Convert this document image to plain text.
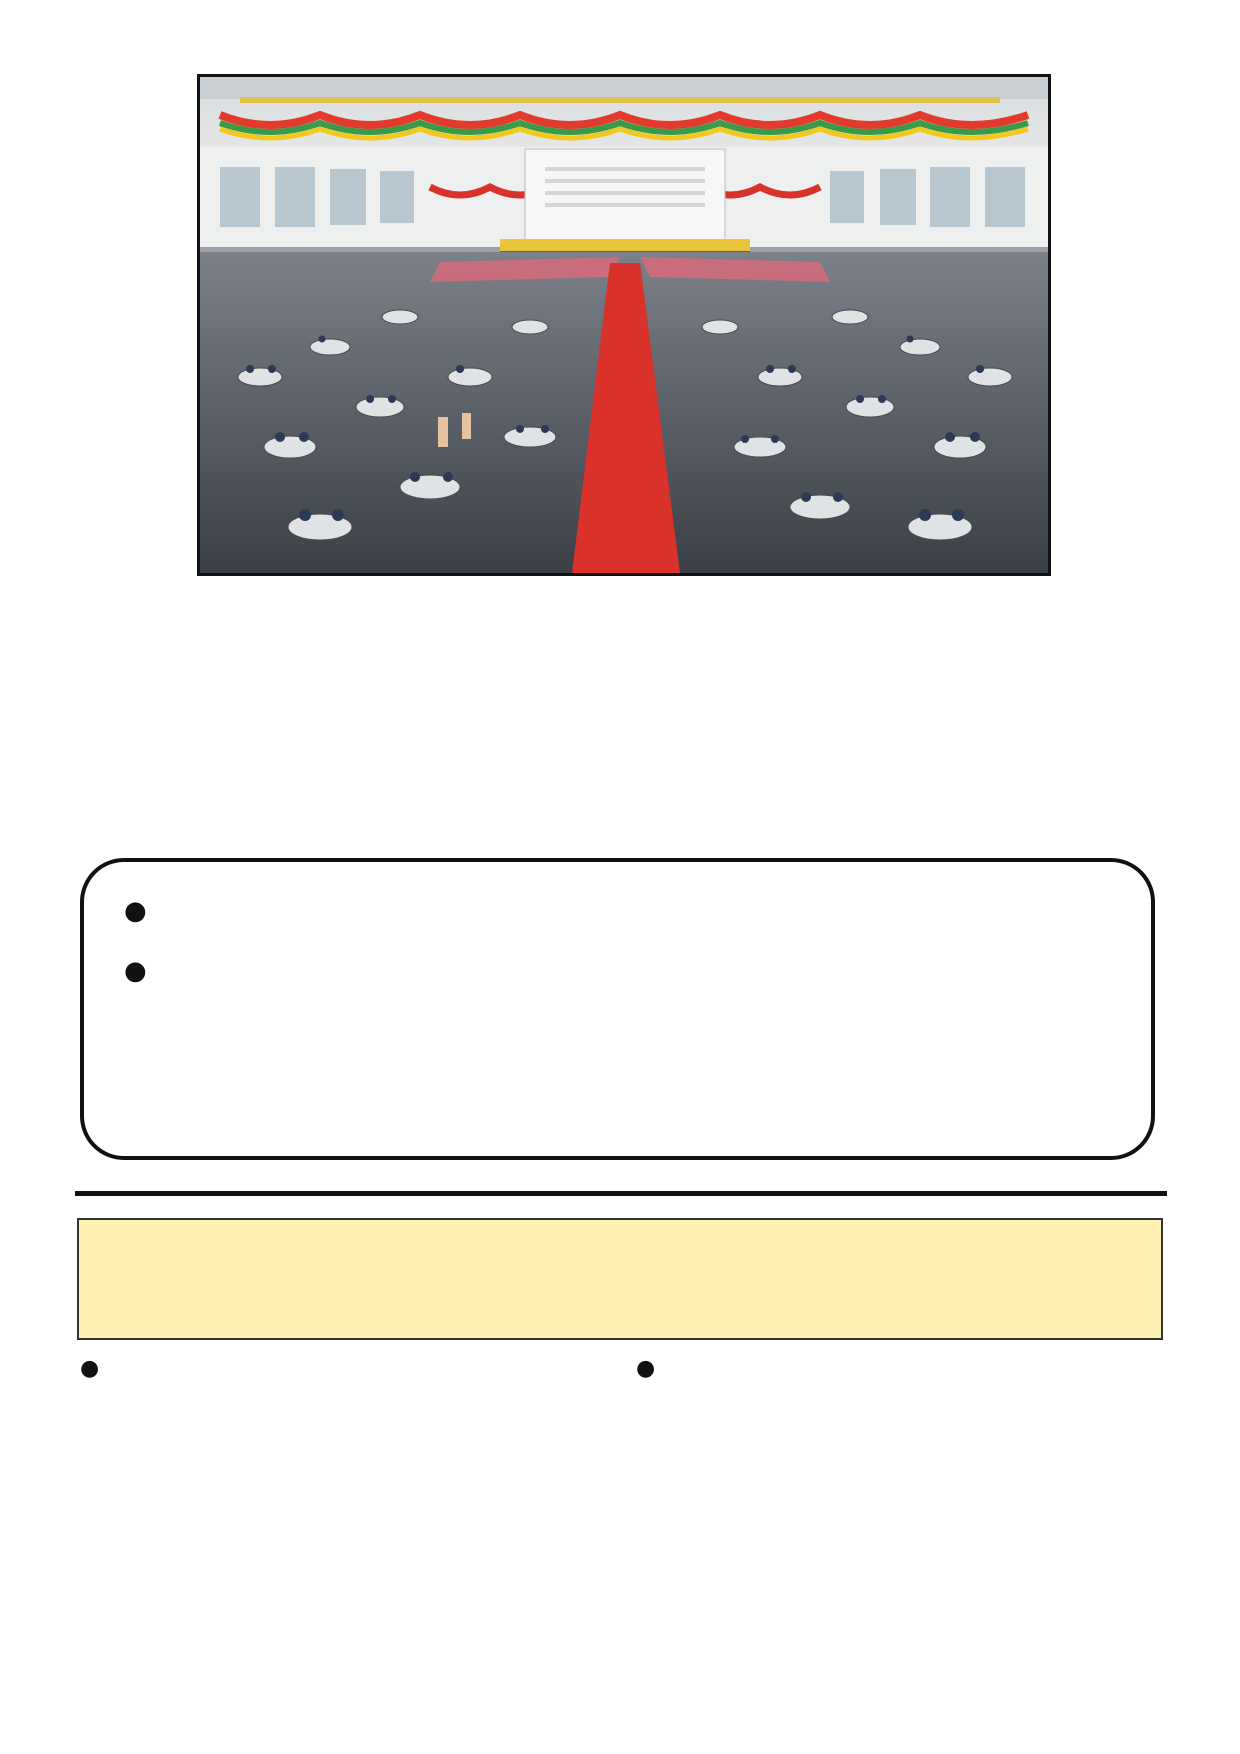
●
●

●	●
